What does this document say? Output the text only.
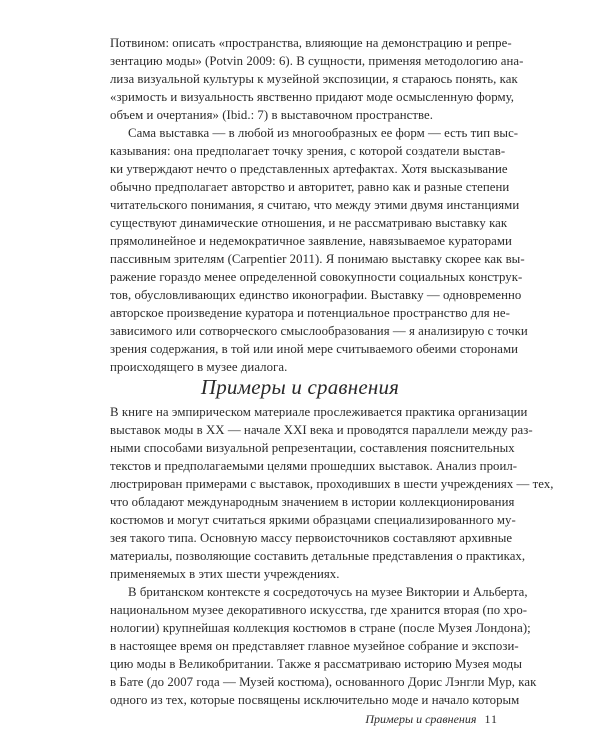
Потвином: описать «пространства, влияющие на демонстрацию и репре-
зентацию моды» (Potvin 2009: 6). В сущности, применяя методологию ана-
лиза визуальной культуры к музейной экспозиции, я стараюсь понять, как
«зримость и визуальность явственно придают моде осмысленную форму,
объем и очертания» (Ibid.: 7) в выставочном пространстве.
Сама выставка — в любой из многообразных ее форм — есть тип выс-
казывания: она предполагает точку зрения, с которой создатели выстав-
ки утверждают нечто о представленных артефактах. Хотя высказывание
обычно предполагает авторство и авторитет, равно как и разные степени
читательского понимания, я считаю, что между этими двумя инстанциями
существуют динамические отношения, и не рассматриваю выставку как
прямолинейное и недемократичное заявление, навязываемое кураторами
пассивным зрителям (Carpentier 2011). Я понимаю выставку скорее как вы-
ражение гораздо менее определенной совокупности социальных конструк-
тов, обусловливающих единство иконографии. Выставку — одновременно
авторское произведение куратора и потенциальное пространство для не-
зависимого или сотворческого смыслообразования — я анализирую с точки
зрения содержания, в той или иной мере считываемого обеими сторонами
происходящего в музее диалога.
Примеры и сравнения
В книге на эмпирическом материале прослеживается практика организации
выставок моды в XX — начале XXI века и проводятся параллели между раз-
ными способами визуальной репрезентации, составления пояснительных
текстов и предполагаемыми целями прошедших выставок. Анализ проил-
люстрирован примерами с выставок, проходивших в шести учреждениях — тех,
что обладают международным значением в истории коллекционирования
костюмов и могут считаться яркими образцами специализированного му-
зея такого типа. Основную массу первоисточников составляют архивные
материалы, позволяющие составить детальные представления о практиках,
применяемых в этих шести учреждениях.
В британском контексте я сосредоточусь на музее Виктории и Альберта,
национальном музее декоративного искусства, где хранится вторая (по хро-
нологии) крупнейшая коллекция костюмов в стране (после Музея Лондона);
в настоящее время он представляет главное музейное собрание и экспози-
цию моды в Великобритании. Также я рассматриваю историю Музея моды
в Бате (до 2007 года — Музей костюма), основанного Дорис Лэнгли Мур, как
одного из тех, которые посвящены исключительно моде и начало которым
Примеры и сравнения 11
